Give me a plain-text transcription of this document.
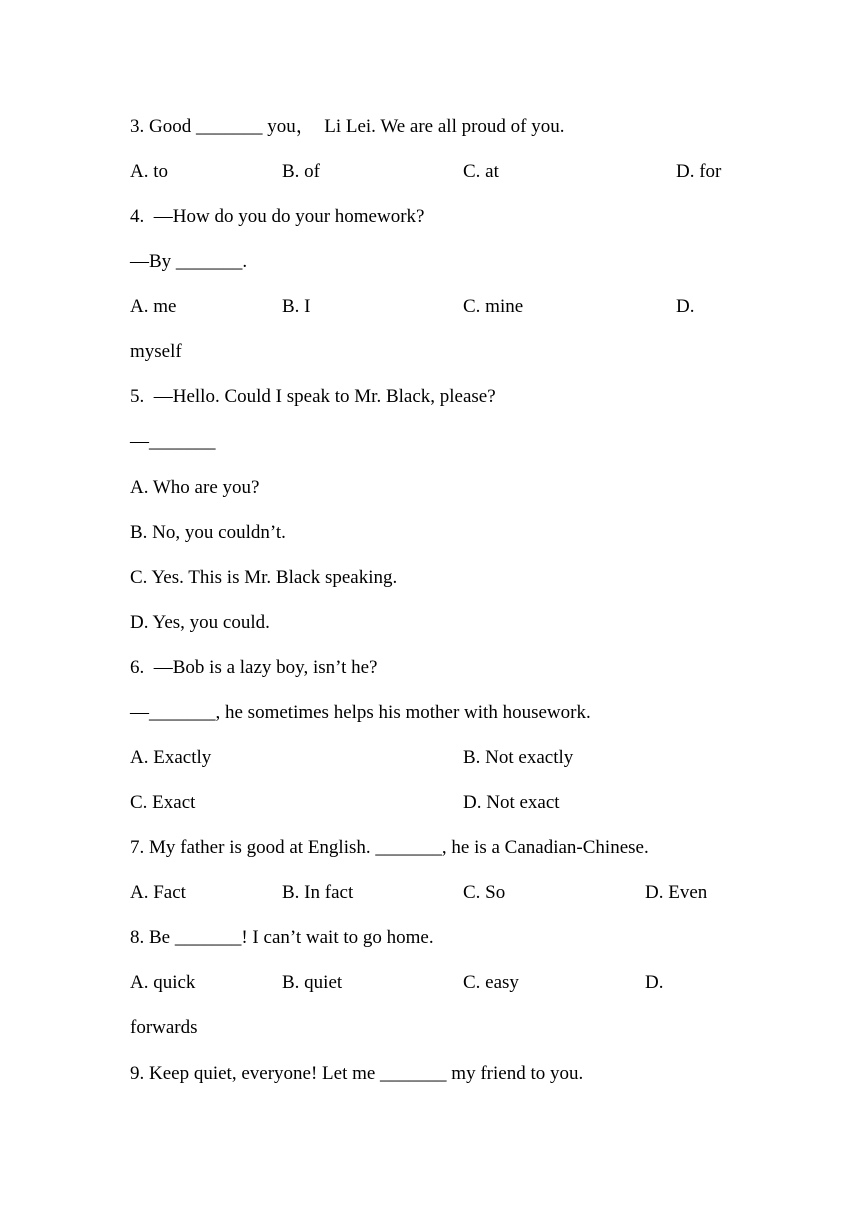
3. Good _______ you，  Li Lei. We are all proud of you.
A. to	B. of	C. at	D. for
4.  —How do you do your homework?
—By _______.
A. me	B. I	C. mine	D.
myself
5.  —Hello. Could I speak to Mr. Black, please?
—_______
A. Who are you?
B. No, you couldn’t.
C. Yes. This is Mr. Black speaking.
D. Yes, you could.
6.  —Bob is a lazy boy, isn’t he?
—_______, he sometimes helps his mother with housework.
A. Exactly	B. Not exactly
C. Exact	D. Not exact
7. My father is good at English. _______, he is a Canadian-Chinese.
A. Fact	B. In fact	C. So	D. Even
8. Be _______! I can’t wait to go home.
A. quick	B. quiet	C. easy	D.
forwards
9. Keep quiet, everyone! Let me _______ my friend to you.
